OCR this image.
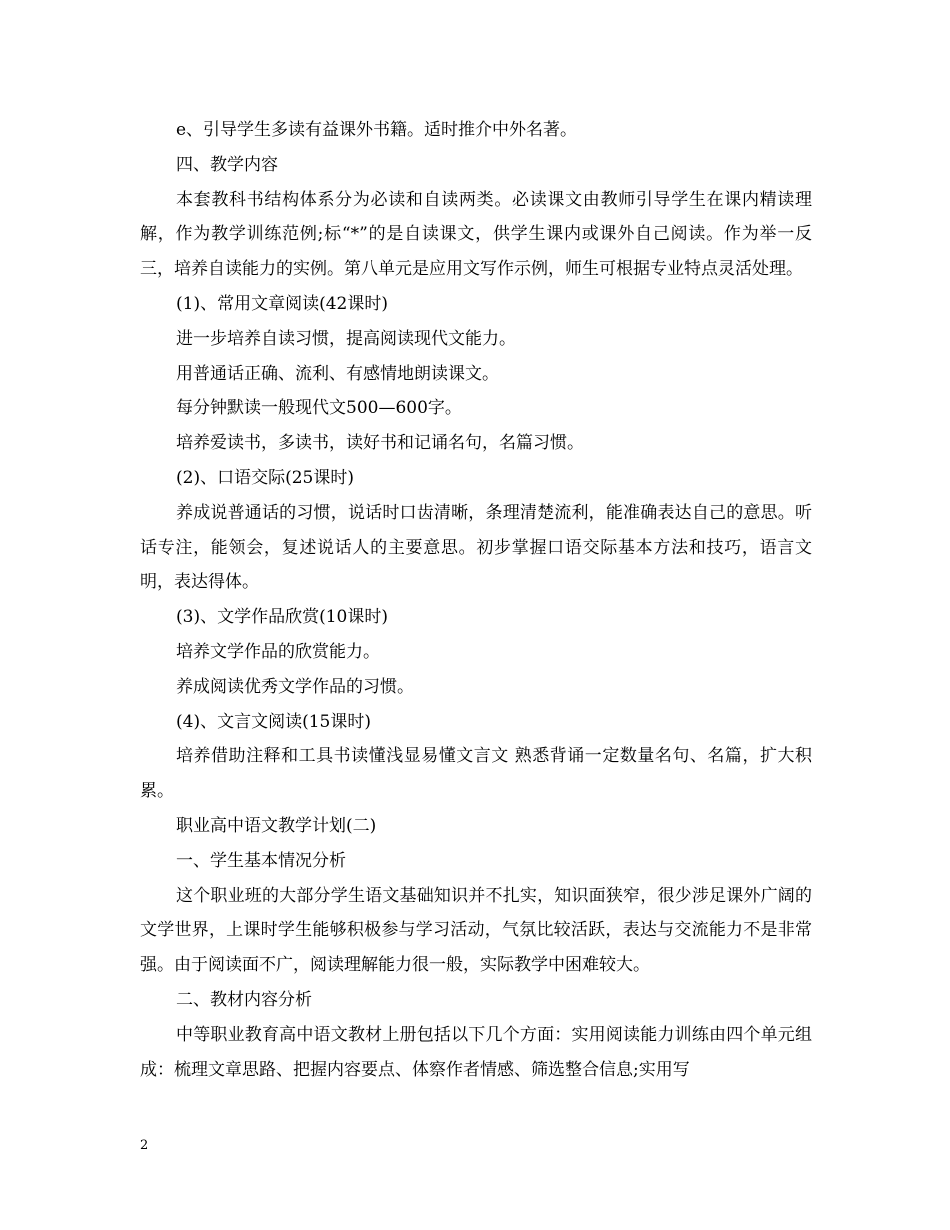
e、引导学生多读有益课外书籍。适时推介中外名著。

四、教学内容

本套教科书结构体系分为必读和自读两类。必读课文由教师引导学生在课内精读理解，作为教学训练范例;标“*”的是自读课文，供学生课内或课外自己阅读。作为举一反三，培养自读能力的实例。第八单元是应用文写作示例，师生可根据专业特点灵活处理。

(1)、常用文章阅读(42课时)

进一步培养自读习惯，提高阅读现代文能力。

用普通话正确、流利、有感情地朗读课文。

每分钟默读一般现代文500—600字。

培养爱读书，多读书，读好书和记诵名句，名篇习惯。

(2)、口语交际(25课时)

养成说普通话的习惯，说话时口齿清晰，条理清楚流利，能准确表达自己的意思。听话专注，能领会，复述说话人的主要意思。初步掌握口语交际基本方法和技巧，语言文明，表达得体。

(3)、文学作品欣赏(10课时)

培养文学作品的欣赏能力。

养成阅读优秀文学作品的习惯。

(4)、文言文阅读(15课时)

培养借助注释和工具书读懂浅显易懂文言文 熟悉背诵一定数量名句、名篇，扩大积累。

职业高中语文教学计划(二)

一、学生基本情况分析

这个职业班的大部分学生语文基础知识并不扎实，知识面狭窄，很少涉足课外广阔的文学世界，上课时学生能够积极参与学习活动，气氛比较活跃，表达与交流能力不是非常强。由于阅读面不广，阅读理解能力很一般，实际教学中困难较大。

二、教材内容分析

中等职业教育高中语文教材上册包括以下几个方面：实用阅读能力训练由四个单元组成：梳理文章思路、把握内容要点、体察作者情感、筛选整合信息;实用写

2
